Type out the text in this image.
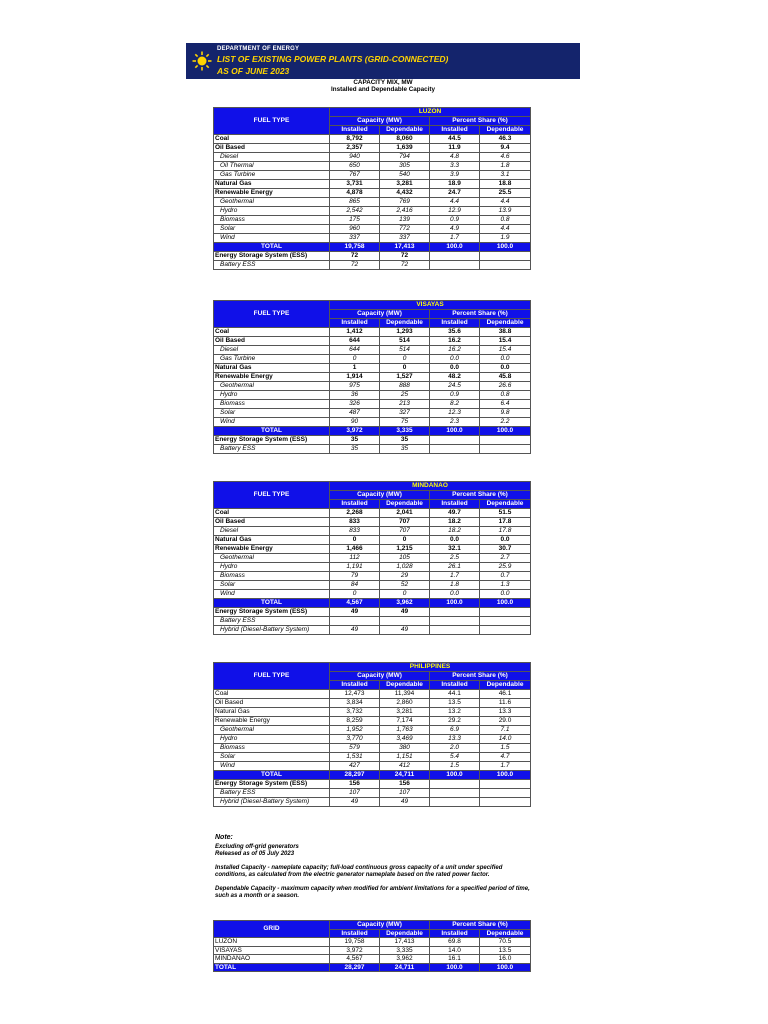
DEPARTMENT OF ENERGY
LIST OF EXISTING POWER PLANTS (GRID-CONNECTED)
AS OF JUNE 2023
CAPACITY MIX, MW
Installed and Dependable Capacity
FUEL TYPE	LUZON			
	Capacity (MW)		Percent Share (%)	
	Installed	Dependable	Installed	Dependable
Coal	8,792	8,060	44.5	46.3
Oil Based	2,357	1,639	11.9	9.4
Diesel	940	794	4.8	4.6
Oil Thermal	650	305	3.3	1.8
Gas Turbine	767	540	3.9	3.1
Natural Gas	3,731	3,281	18.9	18.8
Renewable Energy	4,878	4,432	24.7	25.5
Geothermal	865	769	4.4	4.4
Hydro	2,542	2,416	12.9	13.9
Biomass	175	139	0.9	0.8
Solar	960	772	4.9	4.4
Wind	337	337	1.7	1.9
TOTAL	19,758	17,413	100.0	100.0
Energy Storage System (ESS)	72	72		
Battery ESS	72	72		
FUEL TYPE	VISAYAS			
	Capacity (MW)		Percent Share (%)	
	Installed	Dependable	Installed	Dependable
Coal	1,412	1,293	35.6	38.8
Oil Based	644	514	16.2	15.4
Diesel	644	514	16.2	15.4
Gas Turbine	0	0	0.0	0.0
Natural Gas	1	0	0.0	0.0
Renewable Energy	1,914	1,527	48.2	45.8
Geothermal	975	888	24.5	26.6
Hydro	36	25	0.9	0.8
Biomass	326	213	8.2	6.4
Solar	487	327	12.3	9.8
Wind	90	75	2.3	2.2
TOTAL	3,972	3,335	100.0	100.0
Energy Storage System (ESS)	35	35		
Battery ESS	35	35		
FUEL TYPE	MINDANAO			
	Capacity (MW)		Percent Share (%)	
	Installed	Dependable	Installed	Dependable
Coal	2,268	2,041	49.7	51.5
Oil Based	833	707	18.2	17.8
Diesel	833	707	18.2	17.8
Natural Gas	0	0	0.0	0.0
Renewable Energy	1,466	1,215	32.1	30.7
Geothermal	112	105	2.5	2.7
Hydro	1,191	1,028	26.1	25.9
Biomass	79	29	1.7	0.7
Solar	84	52	1.8	1.3
Wind	0	0	0.0	0.0
TOTAL	4,567	3,962	100.0	100.0
Energy Storage System (ESS)	49	49		
Battery ESS				
Hybrid (Diesel-Battery System)	49	49		
FUEL TYPE	PHILIPPINES			
	Capacity (MW)		Percent Share (%)	
	Installed	Dependable	Installed	Dependable
Coal	12,473	11,394	44.1	46.1
Oil Based	3,834	2,860	13.5	11.6
Natural Gas	3,732	3,281	13.2	13.3
Renewable Energy	8,259	7,174	29.2	29.0
Geothermal	1,952	1,763	6.9	7.1
Hydro	3,770	3,469	13.3	14.0
Biomass	579	380	2.0	1.5
Solar	1,531	1,151	5.4	4.7
Wind	427	412	1.5	1.7
TOTAL	28,297	24,711	100.0	100.0
Energy Storage System (ESS)	156	156		
Battery ESS	107	107		
Hybrid (Diesel-Battery System)	49	49		

Note:

Excluding off-grid generators

Released as of 05 July 2023

Installed Capacity - nameplate capacity; full-load continuous gross capacity of a unit under specified conditions, as calculated from the electric generator nameplate based on the rated power factor.

Dependable Capacity - maximum capacity when modified for ambient limitations for a specified period of time, such as a month or a season.

GRID	Capacity (MW)		Percent Share (%)	
	Installed	Dependable	Installed	Dependable
LUZON	19,758	17,413	69.8	70.5
VISAYAS	3,972	3,335	14.0	13.5
MINDANAO	4,567	3,962	16.1	16.0
TOTAL	28,297	24,711	100.0	100.0
